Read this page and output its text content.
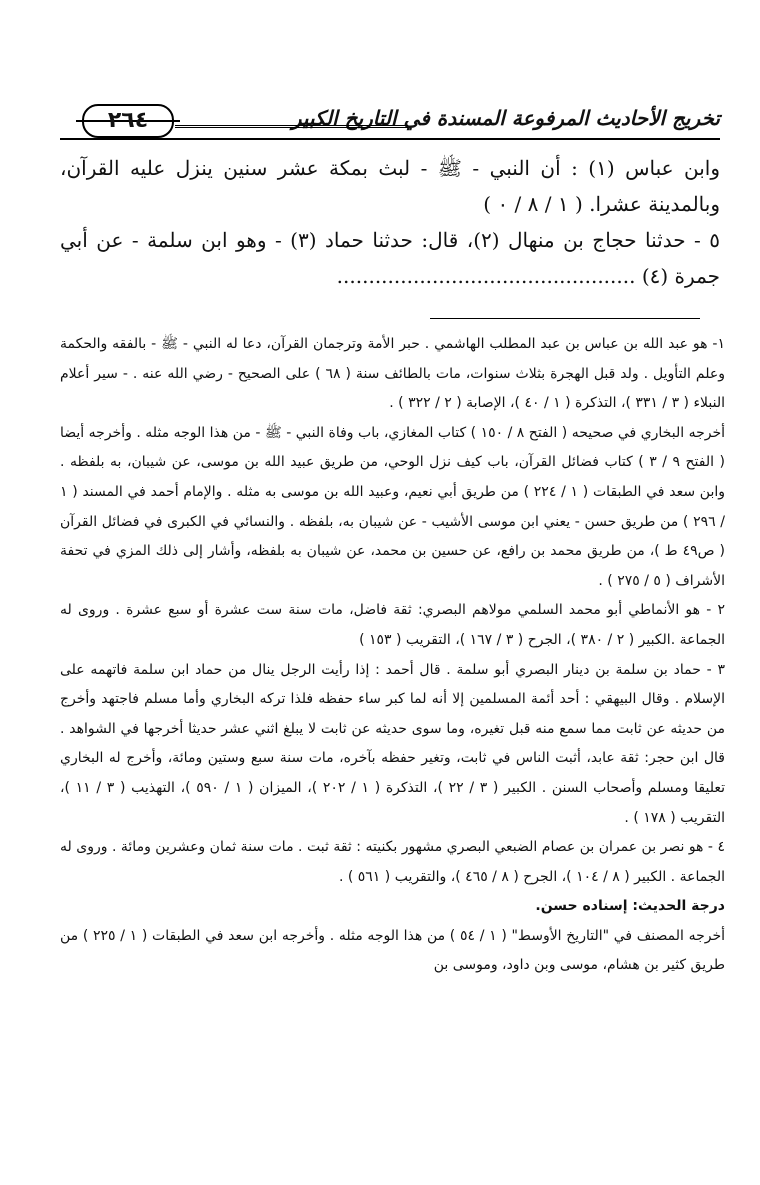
تخريج الأحاديث المرفوعة المسندة في التاريخ الكبير
٢٦٤

وابن عباس (١) : أن النبي - ﷺ - لبث بمكة عشر سنين ينزل عليه القرآن، وبالمدينة عشرا. ( ١ / ٨ / ٠ )

٥ - حدثنا حجاج بن منهال (٢)، قال: حدثنا حماد (٣) - وهو ابن سلمة - عن أبي جمرة (٤) ...............................................

١- هو عبد الله بن عباس بن عبد المطلب الهاشمي . حبر الأمة وترجمان القرآن، دعا له النبي - ﷺ - بالفقه والحكمة وعلم التأويل . ولد قبل الهجرة بثلاث سنوات، مات بالطائف سنة ( ٦٨ ) على الصحيح - رضي الله عنه . - سير أعلام النبلاء ( ٣ / ٣٣١ )، التذكرة ( ١ / ٤٠ )، الإصابة ( ٢ / ٣٢٢ ) .

أخرجه البخاري في صحيحه ( الفتح ٨ / ١٥٠ ) كتاب المغازي، باب وفاة النبي - ﷺ - من هذا الوجه مثله . وأخرجه أيضا ( الفتح ٩ / ٣ ) كتاب فضائل القرآن، باب كيف نزل الوحي، من طريق عبيد الله بن موسى، عن شيبان، به بلفظه . وابن سعد في الطبقات ( ١ / ٢٢٤ ) من طريق أبي نعيم، وعبيد الله بن موسى به مثله . والإمام أحمد في المسند ( ١ / ٢٩٦ ) من طريق حسن - يعني ابن موسى الأشيب - عن شيبان به، بلفظه . والنسائي في الكبرى في فضائل القرآن ( ص٤٩ ط )، من طريق محمد بن رافع، عن حسين بن محمد، عن شيبان به بلفظه، وأشار إلى ذلك المزي في تحفة الأشراف ( ٥ / ٢٧٥ ) .

٢ - هو الأنماطي أبو محمد السلمي مولاهم البصري: ثقة فاضل، مات سنة ست عشرة أو سبع عشرة . وروى له الجماعة .الكبير ( ٢ / ٣٨٠ )، الجرح ( ٣ / ١٦٧ )، التقريب ( ١٥٣ )

٣ - حماد بن سلمة بن دينار البصري أبو سلمة . قال أحمد : إذا رأيت الرجل ينال من حماد ابن سلمة فاتهمه على الإسلام . وقال البيهقي : أحد أئمة المسلمين إلا أنه لما كبر ساء حفظه فلذا تركه البخاري وأما مسلم فاجتهد وأخرج من حديثه عن ثابت مما سمع منه قبل تغيره، وما سوى حديثه عن ثابت لا يبلغ اثني عشر حديثا أخرجها في الشواهد . قال ابن حجر: ثقة عابد، أثبت الناس في ثابت، وتغير حفظه بآخره، مات سنة سبع وستين ومائة، وأخرج له البخاري تعليقا ومسلم وأصحاب السنن . الكبير ( ٣ / ٢٢ )، التذكرة ( ١ / ٢٠٢ )، الميزان ( ١ / ٥٩٠ )، التهذيب ( ٣ / ١١ )، التقريب ( ١٧٨ ) .

٤ - هو نصر بن عمران بن عصام الضبعي البصري مشهور بكنيته : ثقة ثبت . مات سنة ثمان وعشرين ومائة . وروى له الجماعة . الكبير ( ٨ / ١٠٤ )، الجرح ( ٨ / ٤٦٥ )، والتقريب ( ٥٦١ ) .

درجة الحديث: إسناده حسن.

أخرجه المصنف في "التاريخ الأوسط" ( ١ / ٥٤ ) من هذا الوجه مثله . وأخرجه ابن سعد في الطبقات ( ١ / ٢٢٥ ) من طريق كثير بن هشام، موسى وبن داود، وموسى بن
